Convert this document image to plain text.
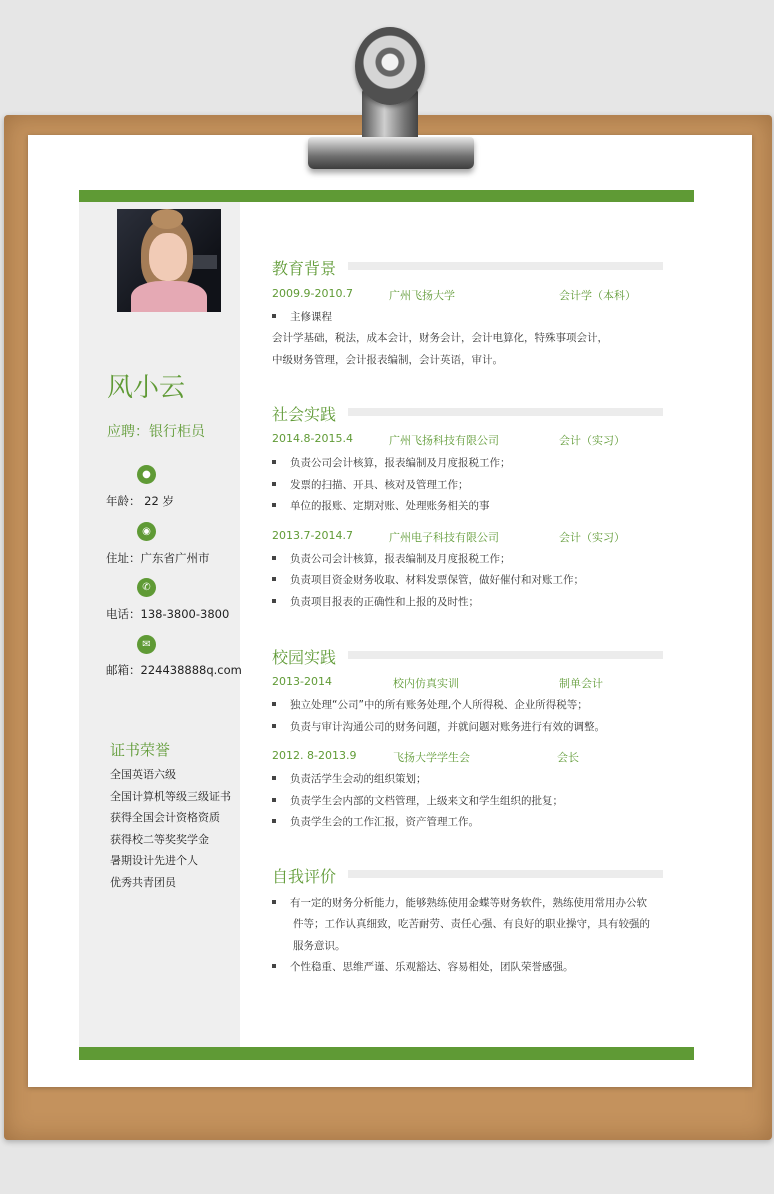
风小云
应聘：银行柜员
●
年龄： 22 岁
◉
住址：广东省广州市
✆
电话：138-3800-3800
✉
邮箱：224438888q.com
证书荣誉
全国英语六级
全国计算机等级三级证书
获得全国会计资格资质
获得校二等奖奖学金
暑期设计先进个人
优秀共青团员
教育背景
2009.9-2010.7	广州飞扬大学	会计学（本科）
主修课程
会计学基础，税法，成本会计，财务会计，会计电算化，特殊事项会计，
中级财务管理，会计报表编制，会计英语，审计。
社会实践
2014.8-2015.4	广州飞扬科技有限公司	会计（实习）
负责公司会计核算，报表编制及月度报税工作；
发票的扫描、开具、核对及管理工作；
单位的报账、定期对账、处理账务相关的事
2013.7-2014.7	广州电子科技有限公司	会计（实习）
负责公司会计核算，报表编制及月度报税工作；
负责项目资金财务收取、材料发票保管，做好催付和对账工作；
负责项目报表的正确性和上报的及时性；
校园实践
2013-2014	校内仿真实训	制单会计
独立处理“公司”中的所有账务处理,个人所得税、企业所得税等；
负责与审计沟通公司的财务问题，并就问题对账务进行有效的调整。
2012. 8-2013.9	飞扬大学学生会	会长
负责活学生会动的组织策划；
负责学生会内部的文档管理，上级来文和学生组织的批复；
负责学生会的工作汇报，资产管理工作。
自我评价
有一定的财务分析能力，能够熟练使用金蝶等财务软件，熟练使用常用办公软
件等；工作认真细致，吃苦耐劳、责任心强、有良好的职业操守，具有较强的
服务意识。
个性稳重、思维严谨、乐观豁达、容易相处，团队荣誉感强。
